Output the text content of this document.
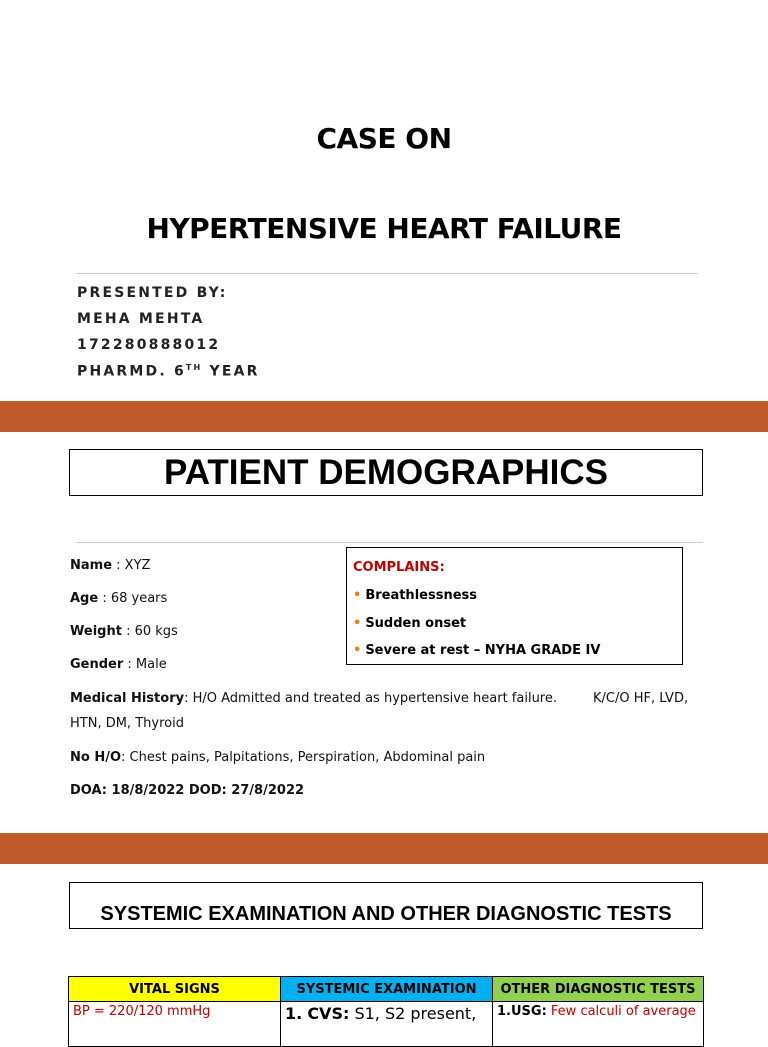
CASE ON
HYPERTENSIVE HEART FAILURE
PRESENTED BY:
MEHA MEHTA
172280888012
PHARMD. 6TH YEAR
PATIENT DEMOGRAPHICS
Name : XYZ
Age : 68 years
Weight : 60 kgs
Gender : Male
Medical History: H/O Admitted and treated as hypertensive heart failure.	K/C/O HF, LVD,
HTN, DM, Thyroid
No H/O: Chest pains, Palpitations, Perspiration, Abdominal pain
DOA: 18/8/2022 DOD: 27/8/2022
COMPLAINS:
• Breathlessness
• Sudden onset
• Severe at rest – NYHA GRADE IV
SYSTEMIC EXAMINATION AND OTHER DIAGNOSTIC TESTS
VITAL SIGNS	SYSTEMIC EXAMINATION	OTHER DIAGNOSTIC TESTS
BP = 220/120 mmHg	1. CVS: S1, S2 present,	1.USG: Few calculi of average
